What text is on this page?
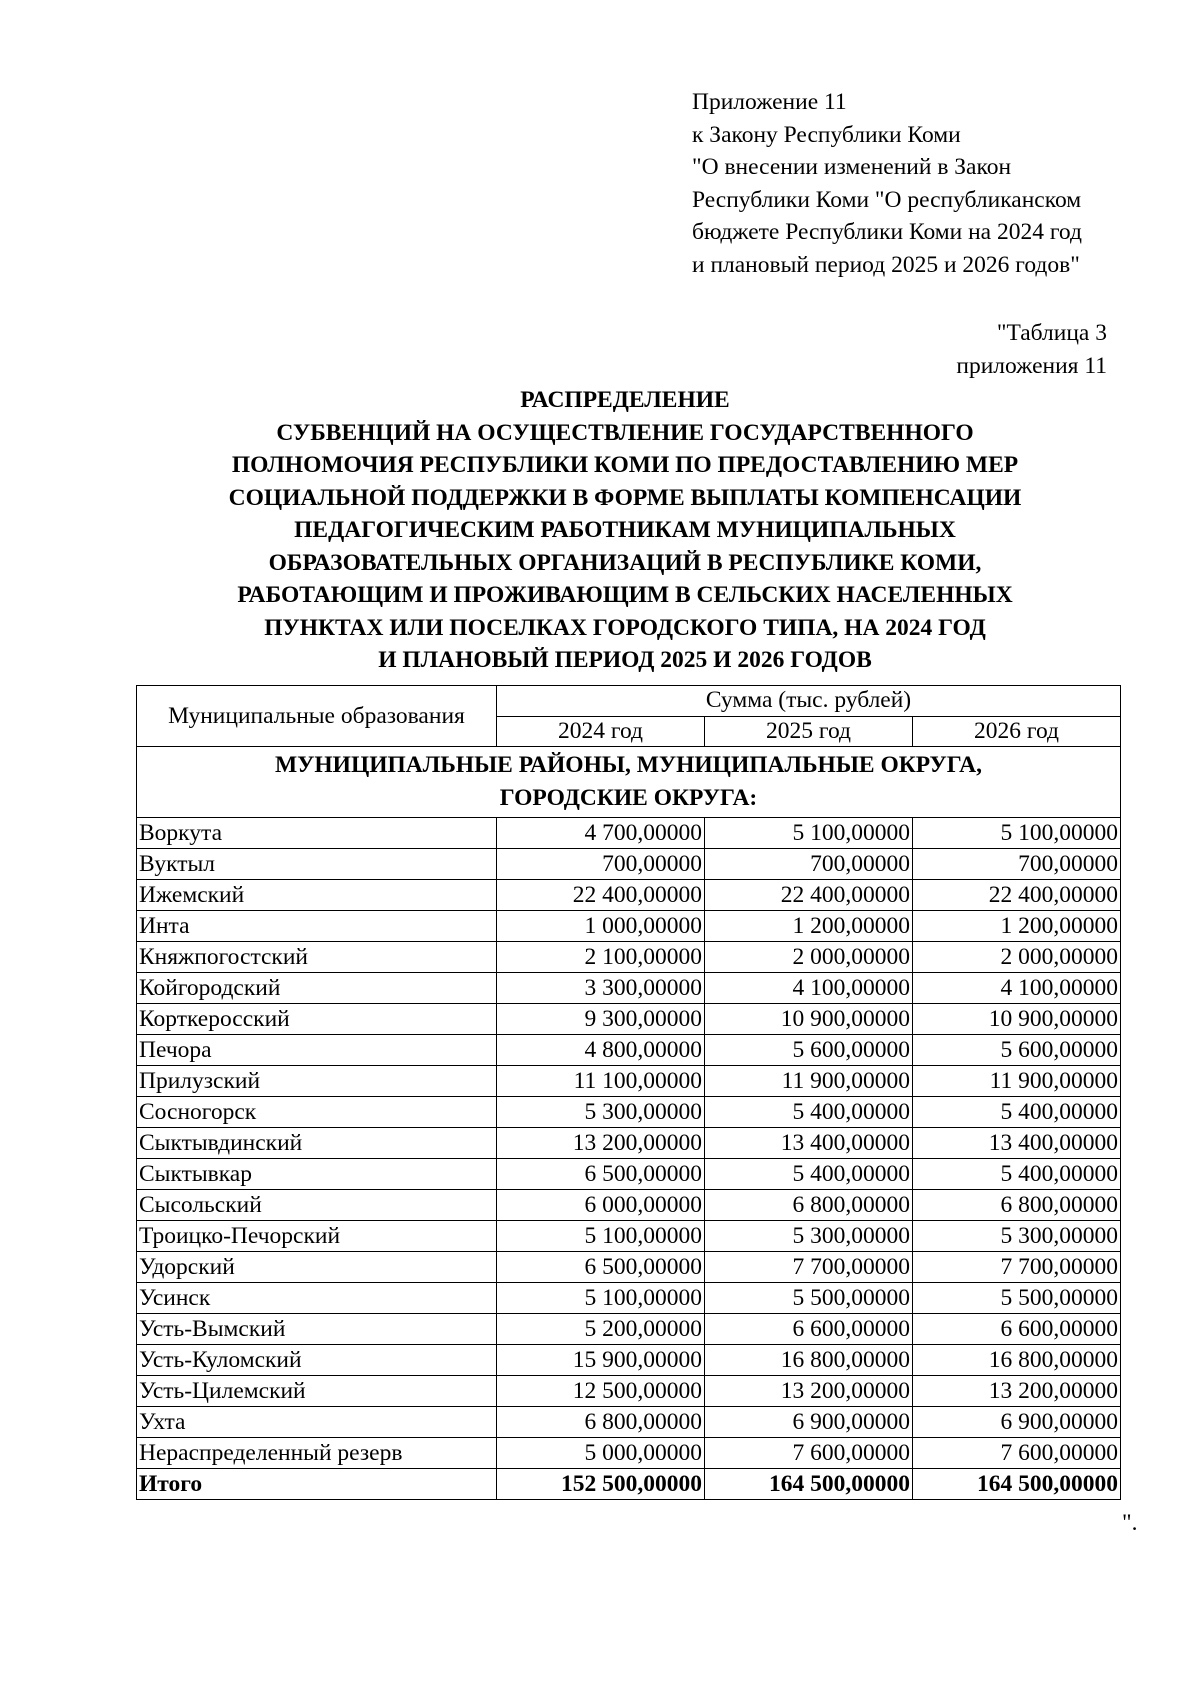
Приложение 11
к Закону Республики Коми
"О внесении изменений в Закон
Республики Коми "О республиканском
бюджете Республики Коми на 2024 год
и плановый период 2025 и 2026 годов"
"Таблица 3
приложения 11
РАСПРЕДЕЛЕНИЕ
СУБВЕНЦИЙ НА ОСУЩЕСТВЛЕНИЕ ГОСУДАРСТВЕННОГО
ПОЛНОМОЧИЯ РЕСПУБЛИКИ КОМИ ПО ПРЕДОСТАВЛЕНИЮ МЕР
СОЦИАЛЬНОЙ ПОДДЕРЖКИ В ФОРМЕ ВЫПЛАТЫ КОМПЕНСАЦИИ
ПЕДАГОГИЧЕСКИМ РАБОТНИКАМ МУНИЦИПАЛЬНЫХ
ОБРАЗОВАТЕЛЬНЫХ ОРГАНИЗАЦИЙ В РЕСПУБЛИКЕ КОМИ,
РАБОТАЮЩИМ И ПРОЖИВАЮЩИМ В СЕЛЬСКИХ НАСЕЛЕННЫХ
ПУНКТАХ ИЛИ ПОСЕЛКАХ ГОРОДСКОГО ТИПА, НА 2024 ГОД
И ПЛАНОВЫЙ ПЕРИОД 2025 И 2026 ГОДОВ
Муниципальные образования	Сумма (тыс. рублей)		
	2024 год	2025 год	2026 год

МУНИЦИПАЛЬНЫЕ РАЙОНЫ, МУНИЦИПАЛЬНЫЕ ОКРУГА,
ГОРОДСКИЕ ОКРУГА:			

Воркута	4 700,00000	5 100,00000	5 100,00000
Вуктыл	700,00000	700,00000	700,00000
Ижемский	22 400,00000	22 400,00000	22 400,00000
Инта	1 000,00000	1 200,00000	1 200,00000
Княжпогостский	2 100,00000	2 000,00000	2 000,00000
Койгородский	3 300,00000	4 100,00000	4 100,00000
Корткеросский	9 300,00000	10 900,00000	10 900,00000
Печора	4 800,00000	5 600,00000	5 600,00000
Прилузский	11 100,00000	11 900,00000	11 900,00000
Сосногорск	5 300,00000	5 400,00000	5 400,00000
Сыктывдинский	13 200,00000	13 400,00000	13 400,00000
Сыктывкар	6 500,00000	5 400,00000	5 400,00000
Сысольский	6 000,00000	6 800,00000	6 800,00000
Троицко-Печорский	5 100,00000	5 300,00000	5 300,00000
Удорский	6 500,00000	7 700,00000	7 700,00000
Усинск	5 100,00000	5 500,00000	5 500,00000
Усть-Вымский	5 200,00000	6 600,00000	6 600,00000
Усть-Куломский	15 900,00000	16 800,00000	16 800,00000
Усть-Цилемский	12 500,00000	13 200,00000	13 200,00000
Ухта	6 800,00000	6 900,00000	6 900,00000
Нераспределенный резерв	5 000,00000	7 600,00000	7 600,00000
Итого	152 500,00000	164 500,00000	164 500,00000
".
